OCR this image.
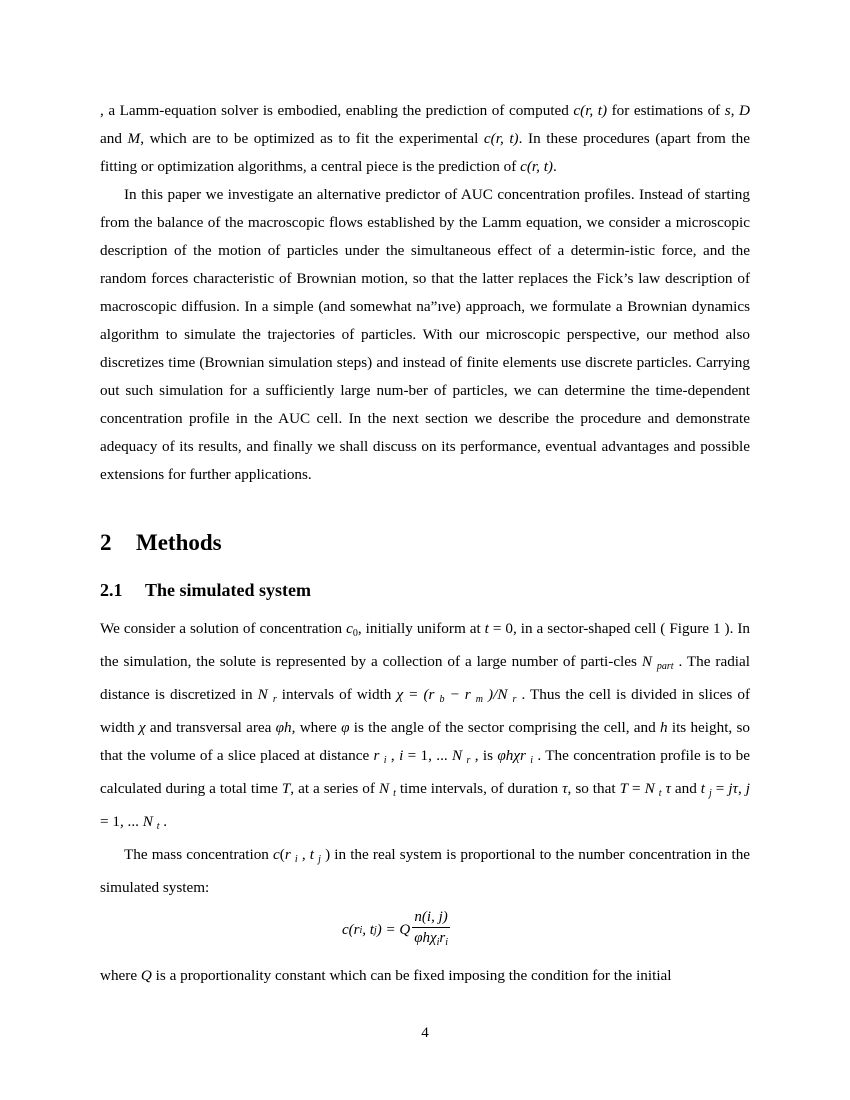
, a Lamm-equation solver is embodied, enabling the prediction of computed c(r, t) for estimations of s, D and M, which are to be optimized as to fit the experimental c(r, t). In these procedures (apart from the fitting or optimization algorithms, a central piece is the prediction of c(r, t).

In this paper we investigate an alternative predictor of AUC concentration profiles. Instead of starting from the balance of the macroscopic flows established by the Lamm equation, we consider a microscopic description of the motion of particles under the simultaneous effect of a determin-istic force, and the random forces characteristic of Brownian motion, so that the latter replaces the Fick’s law description of macroscopic diffusion. In a simple (and somewhat na”ıve) approach, we formulate a Brownian dynamics algorithm to simulate the trajectories of particles. With our microscopic perspective, our method also discretizes time (Brownian simulation steps) and instead of finite elements use discrete particles. Carrying out such simulation for a sufficiently large num-ber of particles, we can determine the time-dependent concentration profile in the AUC cell. In the next section we describe the procedure and demonstrate adequacy of its results, and finally we shall discuss on its performance, eventual advantages and possible extensions for further applications.

2 Methods
2.1 The simulated system

We consider a solution of concentration c0, initially uniform at t = 0, in a sector-shaped cell ( Figure 1 ). In the simulation, the solute is represented by a collection of a large number of parti-cles N $_{part}$ . The radial distance is discretized in N $_r$ intervals of width χ = (r $_b$ − r $_m$ )/N $_r$ . Thus the cell is divided in slices of width χ and transversal area φh, where φ is the angle of the sector comprising the cell, and h its height, so that the volume of a slice placed at distance r $_i$ , i = 1, ... N $_r$ , is φhχr $_i$ . The concentration profile is to be calculated during a total time T, at a series of N $_t$ time intervals, of duration τ, so that T = N $_t$ τ and t $_j$ = jτ, j = 1, ... N $_t$ .

The mass concentration c(r $_i$ , t $_j$ ) in the real system is proportional to the number concentration in the simulated system:

c(r i , t j ) = Q $\frac{n(i, j)}{\varphi h\chi_ir_i}$

where Q is a proportionality constant which can be fixed imposing the condition for the initial

4
